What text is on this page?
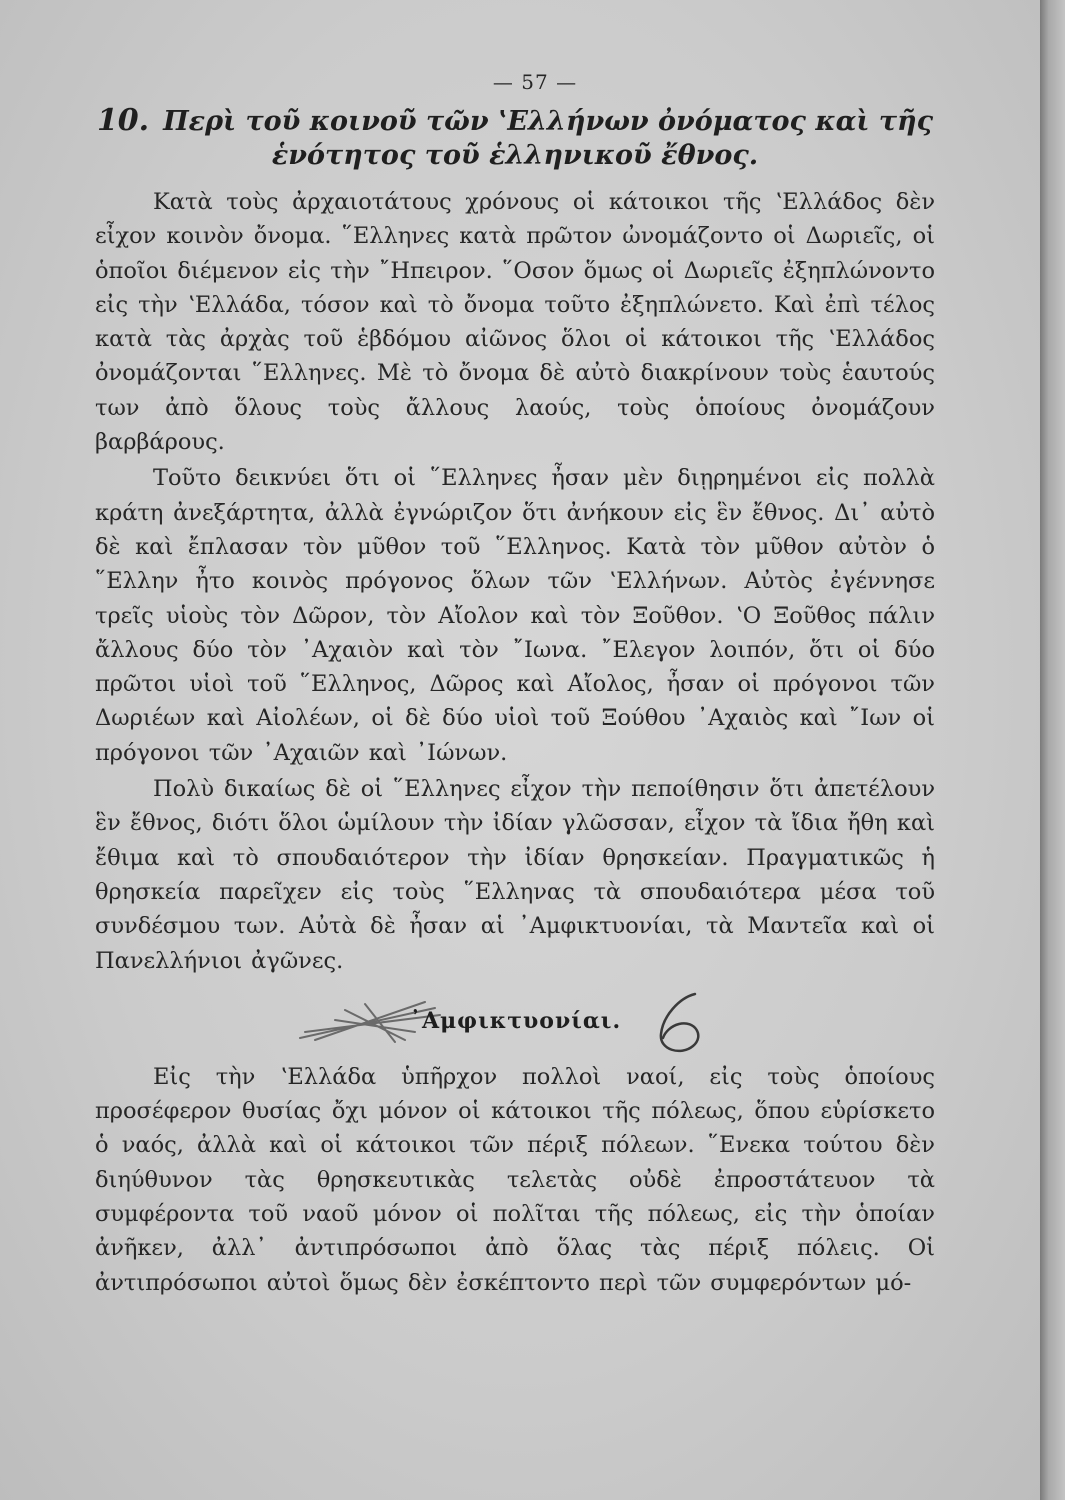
— 57 —
10. Περὶ τοῦ κοινοῦ τῶν ʽΕλλήνων ὀνόματος καὶ τῆς ἑνότητος τοῦ ἑλληνικοῦ ἔθνος.

Κατὰ τοὺς ἀρχαιοτάτους χρόνους οἱ κάτοικοι τῆς ʽΕλλάδος δὲν εἶχον κοινὸν ὄνομα. ῞Ελληνες κατὰ πρῶτον ὠνομάζοντο οἱ Δωριεῖς, οἱ ὁποῖοι διέμενον εἰς τὴν ῎Ηπειρον. ῞Οσον ὅμως οἱ Δωριεῖς ἐξηπλώνοντο εἰς τὴν ʽΕλλάδα, τόσον καὶ τὸ ὄνομα τοῦτο ἐξηπλώνετο. Καὶ ἐπὶ τέλος κατὰ τὰς ἀρχὰς τοῦ ἑβδόμου αἰῶνος ὅλοι οἱ κάτοικοι τῆς ʽΕλλάδος ὀνομάζονται ῞Ελληνες. Μὲ τὸ ὄνομα δὲ αὐτὸ διακρίνουν τοὺς ἑαυτούς των ἀπὸ ὅλους τοὺς ἄλλους λαούς, τοὺς ὁποίους ὀνομάζουν βαρβάρους.

Τοῦτο δεικνύει ὅτι οἱ ῞Ελληνες ἦσαν μὲν διῃρημένοι εἰς πολλὰ κράτη ἀνεξάρτητα, ἀλλὰ ἐγνώριζον ὅτι ἀνήκουν εἰς ἓν ἔθνος. Δι᾽ αὐτὸ δὲ καὶ ἔπλασαν τὸν μῦθον τοῦ ῞Ελληνος. Κατὰ τὸν μῦθον αὐτὸν ὁ ῞Ελλην ἦτο κοινὸς πρόγονος ὅλων τῶν ʽΕλλήνων. Αὐτὸς ἐγέννησε τρεῖς υἱοὺς τὸν Δῶρον, τὸν Αἴολον καὶ τὸν Ξοῦθον. ʽΟ Ξοῦθος πάλιν ἄλλους δύο τὸν ᾿Αχαιὸν καὶ τὸν ῎Ιωνα. ῎Ελεγον λοιπόν, ὅτι οἱ δύο πρῶτοι υἱοὶ τοῦ ῞Ελληνος, Δῶρος καὶ Αἴολος, ἦσαν οἱ πρόγονοι τῶν Δωριέων καὶ Αἰολέων, οἱ δὲ δύο υἱοὶ τοῦ Ξούθου ᾿Αχαιὸς καὶ ῎Ιων οἱ πρόγονοι τῶν ᾿Αχαιῶν καὶ ᾿Ιώνων.

Πολὺ δικαίως δὲ οἱ ῞Ελληνες εἶχον τὴν πεποίθησιν ὅτι ἀπετέλουν ἓν ἔθνος, διότι ὅλοι ὡμίλουν τὴν ἰδίαν γλῶσσαν, εἶχον τὰ ἴδια ἤθη καὶ ἔθιμα καὶ τὸ σπουδαιότερον τὴν ἰδίαν θρησκείαν. Πραγματικῶς ἡ θρησκεία παρεῖχεν εἰς τοὺς ῞Ελληνας τὰ σπουδαιότερα μέσα τοῦ συνδέσμου των. Αὐτὰ δὲ ἦσαν αἱ ᾿Αμφικτυονίαι, τὰ Μαντεῖα καὶ οἱ Πανελλήνιοι ἀγῶνες.

᾿Αμφικτυονίαι.	6

Εἰς τὴν ʽΕλλάδα ὑπῆρχον πολλοὶ ναοί, εἰς τοὺς ὁποίους προσέφερον θυσίας ὄχι μόνον οἱ κάτοικοι τῆς πόλεως, ὅπου εὑρίσκετο ὁ ναός, ἀλλὰ καὶ οἱ κάτοικοι τῶν πέριξ πόλεων. ῞Ενεκα τούτου δὲν διηύθυνον τὰς θρησκευτικὰς τελετὰς οὐδὲ ἐπροστάτευον τὰ συμφέροντα τοῦ ναοῦ μόνον οἱ πολῖται τῆς πόλεως, εἰς τὴν ὁποίαν ἀνῆκεν, ἀλλ᾽ ἀντιπρόσωποι ἀπὸ ὅλας τὰς πέριξ πόλεις. Οἱ ἀντιπρόσωποι αὐτοὶ ὅμως δὲν ἐσκέπτοντο περὶ τῶν συμφερόντων μό-
